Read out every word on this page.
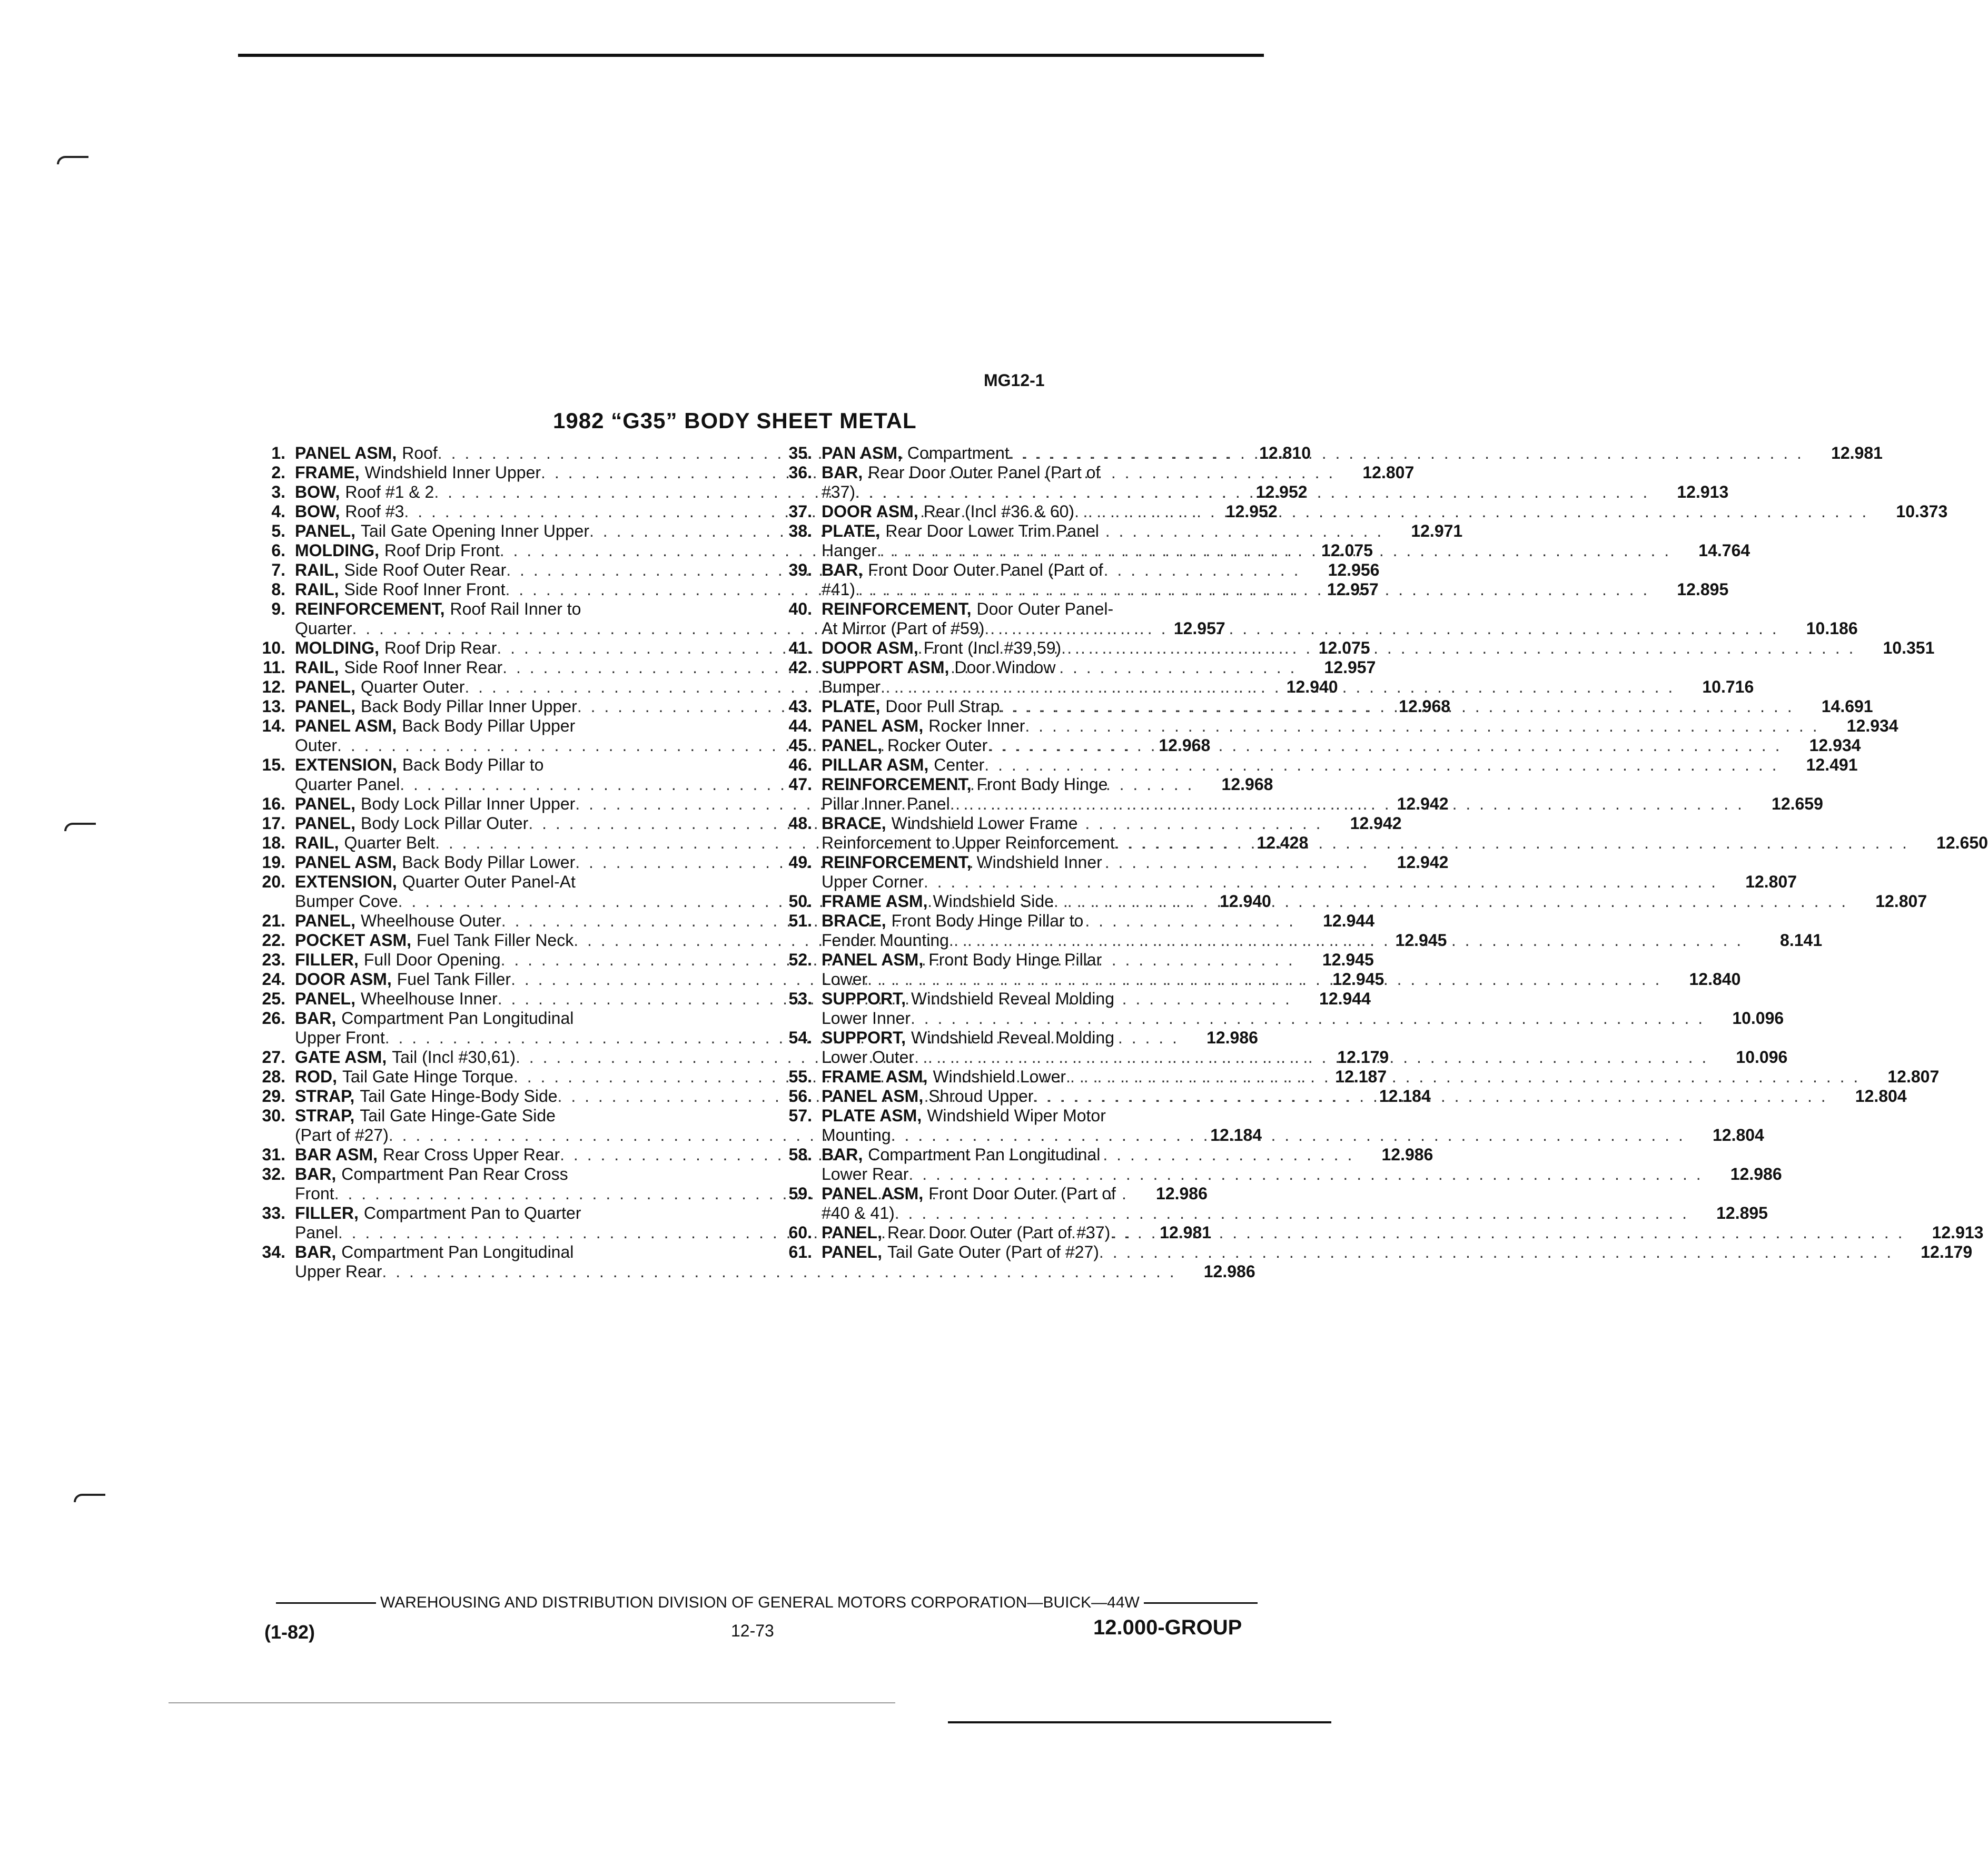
MG12-1
1982 “G35” BODY SHEET METAL
1. PANEL ASM, Roof . . .	12.810
2. FRAME, Windshield Inner Upper . . .	12.807
3. BOW, Roof #1 & 2 . . .	12.952
4. BOW, Roof #3 . . .	12.952
5. PANEL, Tail Gate Opening Inner Upper . . .	12.971
6. MOLDING, Roof Drip Front . . .	12.075
7. RAIL, Side Roof Outer Rear . . .	12.956
8. RAIL, Side Roof Inner Front . . .	12.957
9. REINFORCEMENT, Roof Rail Inner to
Quarter . . .	12.957
10. MOLDING, Roof Drip Rear . . .	12.075
11. RAIL, Side Roof Inner Rear . . .	12.957
12. PANEL, Quarter Outer . . .	12.940
13. PANEL, Back Body Pillar Inner Upper . . .	12.968
14. PANEL ASM, Back Body Pillar Upper
Outer . . .	12.968
15. EXTENSION, Back Body Pillar to
Quarter Panel . . .	12.968
16. PANEL, Body Lock Pillar Inner Upper . . .	12.942
17. PANEL, Body Lock Pillar Outer . . .	12.942
18. RAIL, Quarter Belt . . .	12.428
19. PANEL ASM, Back Body Pillar Lower . . .	12.942
20. EXTENSION, Quarter Outer Panel-At
Bumper Cove . . .	12.940
21. PANEL, Wheelhouse Outer . . .	12.944
22. POCKET ASM, Fuel Tank Filler Neck . . .	12.945
23. FILLER, Full Door Opening . . .	12.945
24. DOOR ASM, Fuel Tank Filler . . .	12.945
25. PANEL, Wheelhouse Inner . . .	12.944
26. BAR, Compartment Pan Longitudinal
Upper Front . . .	12.986
27. GATE ASM, Tail (Incl #30,61) . . .	12.179
28. ROD, Tail Gate Hinge Torque . . .	12.187
29. STRAP, Tail Gate Hinge-Body Side . . .	12.184
30. STRAP, Tail Gate Hinge-Gate Side
(Part of #27) . . .	12.184
31. BAR ASM, Rear Cross Upper Rear . . .	12.986
32. BAR, Compartment Pan Rear Cross
Front . . .	12.986
33. FILLER, Compartment Pan to Quarter
Panel . . .	12.981
34. BAR, Compartment Pan Longitudinal
Upper Rear . . .	12.986
35. PAN ASM, Compartment . . .	12.981
36. BAR, Rear Door Outer Panel (Part of
#37) . . .	12.913
37. DOOR ASM, Rear (Incl #36 & 60) . . .	10.373
38. PLATE, Rear Door Lower Trim Panel
Hanger . . .	14.764
39. BAR, Front Door Outer Panel (Part of
#41) . . .	12.895
40. REINFORCEMENT, Door Outer Panel-
At Mirror (Part of #59) . . .	10.186
41. DOOR ASM, Front (Incl #39,59) . . .	10.351
42. SUPPORT ASM, Door Window
Bumper . . .	10.716
43. PLATE, Door Pull Strap . . .	14.691
44. PANEL ASM, Rocker Inner . . .	12.934
45. PANEL, Rocker Outer . . .	12.934
46. PILLAR ASM, Center . . .	12.491
47. REINFORCEMENT, Front Body Hinge
Pillar Inner Panel . . .	12.659
48. BRACE, Windshield Lower Frame
Reinforcement to Upper Reinforcement . . .	12.650
49. REINFORCEMENT, Windshield Inner
Upper Corner . . .	12.807
50. FRAME ASM, Windshield Side . . .	12.807
51. BRACE, Front Body Hinge Pillar to
Fender Mounting . . .	8.141
52. PANEL ASM, Front Body Hinge Pillar
Lower . . .	12.840
53. SUPPORT, Windshield Reveal Molding
Lower Inner . . .	10.096
54. SUPPORT, Windshield Reveal Molding
Lower Outer . . .	10.096
55. FRAME ASM, Windshield Lower . . .	12.807
56. PANEL ASM, Shroud Upper . . .	12.804
57. PLATE ASM, Windshield Wiper Motor
Mounting . . .	12.804
58. BAR, Compartment Pan Longitudinal
Lower Rear . . .	12.986
59. PANEL ASM, Front Door Outer (Part of
#40 & 41) . . .	12.895
60. PANEL, Rear Door Outer (Part of #37) . . .	12.913
61. PANEL, Tail Gate Outer (Part of #27) . . .	12.179
WAREHOUSING AND DISTRIBUTION DIVISION OF GENERAL MOTORS CORPORATION—BUICK—44W
(1-82)	12-73	12.000-GROUP
